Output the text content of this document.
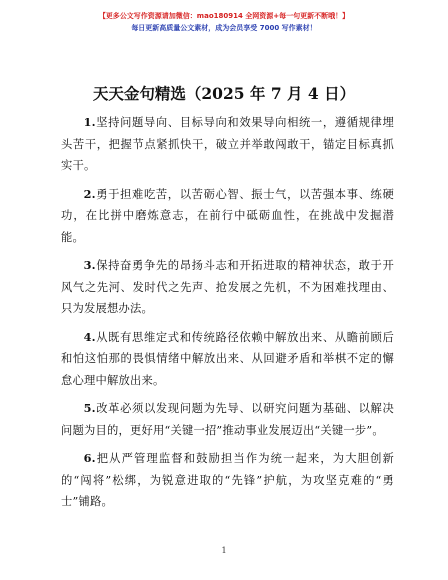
【更多公文写作资源请加微信：mao180914 全网资源+每一句更新不断哦！】
每日更新高质量公文素材，成为会员享受 7000 写作素材！
天天金句精选（2025 年 7 月 4 日）

1.坚持问题导向、目标导向和效果导向相统一，遵循规律埋头苦干，把握节点紧抓快干，破立并举敢闯敢干，锚定目标真抓实干。

2.勇于担难吃苦，以苦砺心智、振士气，以苦强本事、练硬功，在比拼中磨炼意志，在前行中砥砺血性，在挑战中发掘潜能。

3.保持奋勇争先的昂扬斗志和开拓进取的精神状态，敢于开风气之先河、发时代之先声、抢发展之先机，不为困难找理由、只为发展想办法。

4.从既有思维定式和传统路径依赖中解放出来、从瞻前顾后和怕这怕那的畏惧情绪中解放出来、从回避矛盾和举棋不定的懈怠心理中解放出来。

5.改革必须以发现问题为先导、以研究问题为基础、以解决问题为目的，更好用“关键一招”推动事业发展迈出“关键一步”。

6.把从严管理监督和鼓励担当作为统一起来，为大胆创新的“闯将”松绑，为锐意进取的“先锋”护航，为攻坚克难的“勇士”铺路。

1
